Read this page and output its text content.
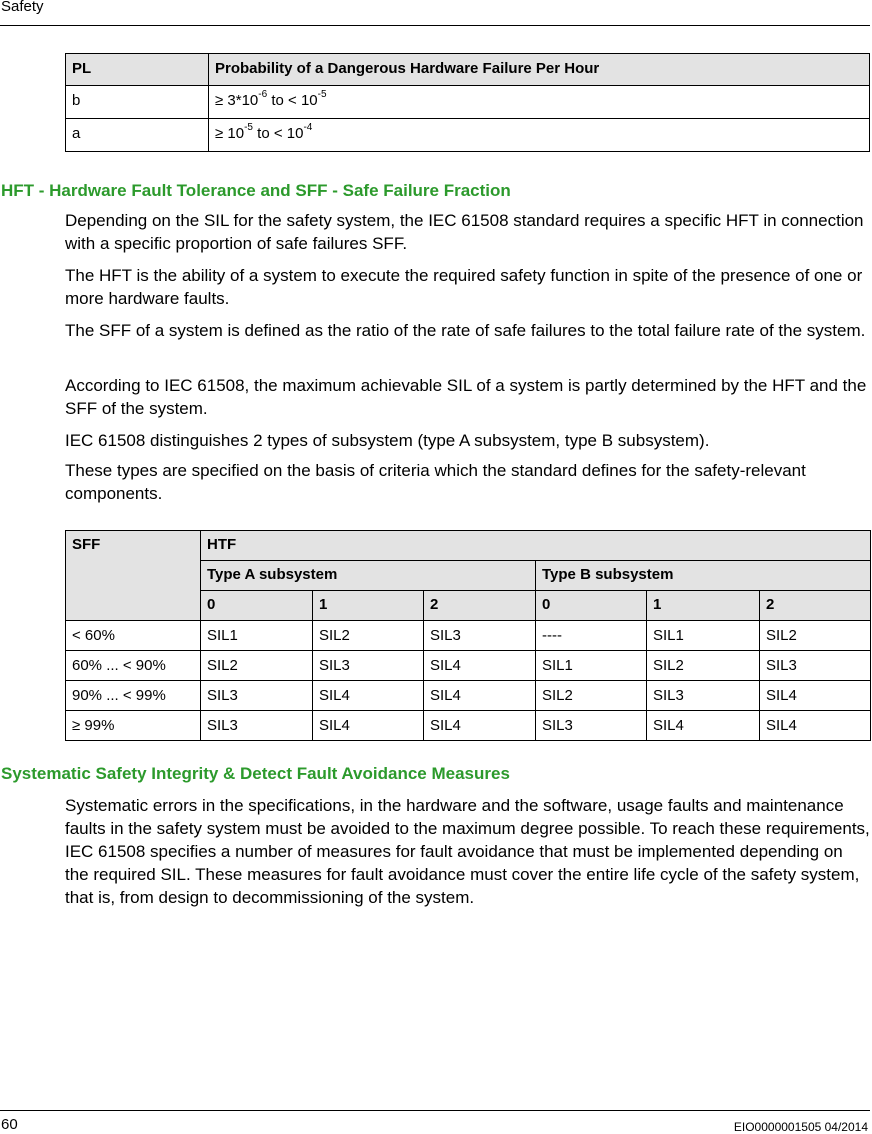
Safety
PL	Probability of a Dangerous Hardware Failure Per Hour
b	≥ $3*10^{-6}$ to < $10^{-5}$
a	≥ $10^{-5}$ to < $10^{-4}$
HFT - Hardware Fault Tolerance and SFF - Safe Failure Fraction

Depending on the SIL for the safety system, the IEC 61508 standard requires a specific HFT in connection with a specific proportion of safe failures SFF.

The HFT is the ability of a system to execute the required safety function in spite of the presence of one or more hardware faults.

The SFF of a system is defined as the ratio of the rate of safe failures to the total failure rate of the system.

According to IEC 61508, the maximum achievable SIL of a system is partly determined by the HFT and the SFF of the system.

IEC 61508 distinguishes 2 types of subsystem (type A subsystem, type B subsystem).

These types are specified on the basis of criteria which the standard defines for the safety-relevant components.

SFF	HTF					
	Type A subsystem			Type B subsystem		
	0	1	2	0	1	2
< 60%	SIL1	SIL2	SIL3	----	SIL1	SIL2
60% ... < 90%	SIL2	SIL3	SIL4	SIL1	SIL2	SIL3
90% ... < 99%	SIL3	SIL4	SIL4	SIL2	SIL3	SIL4
≥ 99%	SIL3	SIL4	SIL4	SIL3	SIL4	SIL4
Systematic Safety Integrity & Detect Fault Avoidance Measures

Systematic errors in the specifications, in the hardware and the software, usage faults and maintenance faults in the safety system must be avoided to the maximum degree possible. To reach these requirements, IEC 61508 specifies a number of measures for fault avoidance that must be implemented depending on the required SIL. These measures for fault avoidance must cover the entire life cycle of the safety system, that is, from design to decommissioning of the system.

60	EIO0000001505 04/2014
